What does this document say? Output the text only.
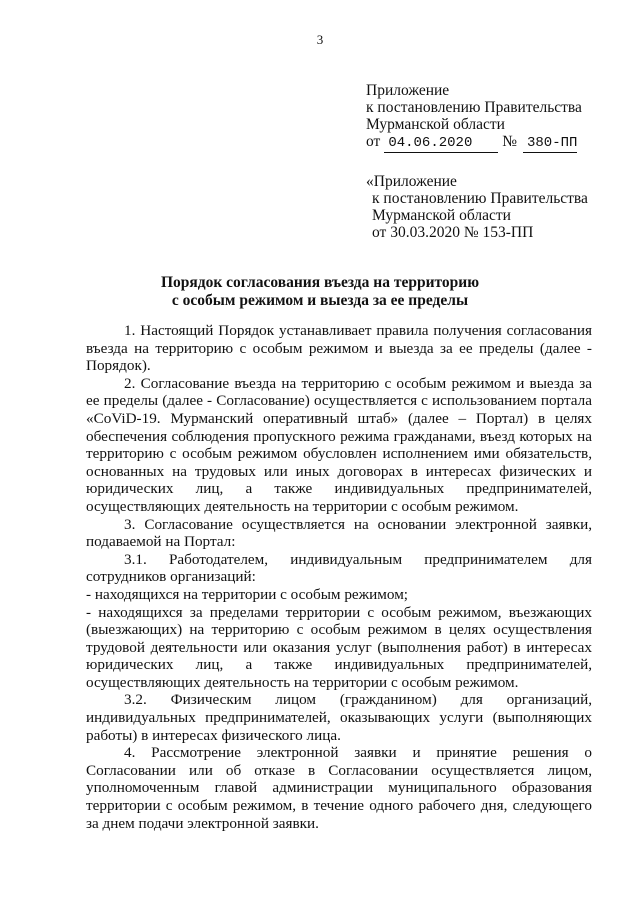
3
Приложение
к постановлению Правительства
Мурманской области
от 04.06.2020 № 380-ПП
«Приложение
к постановлению Правительства
Мурманской области
от 30.03.2020 № 153-ПП
Порядок согласования въезда на территорию
с особым режимом и выезда за ее пределы

1. Настоящий Порядок устанавливает правила получения согласования въезда на территорию с особым режимом и выезда за ее пределы (далее - Порядок).

2. Согласование въезда на территорию с особым режимом и выезда за ее пределы (далее - Согласование) осуществляется с использованием портала «CoViD-19. Мурманский оперативный штаб» (далее – Портал) в целях обеспечения соблюдения пропускного режима гражданами, въезд которых на территорию с особым режимом обусловлен исполнением ими обязательств, основанных на трудовых или иных договорах в интересах физических и юридических лиц, а также индивидуальных предпринимателей, осуществляющих деятельность на территории с особым режимом.

3. Согласование осуществляется на основании электронной заявки, подаваемой на Портал:

3.1. Работодателем, индивидуальным предпринимателем для сотрудников организаций:

- находящихся на территории с особым режимом;

- находящихся за пределами территории с особым режимом, въезжающих (выезжающих) на территорию с особым режимом в целях осуществления трудовой деятельности или оказания услуг (выполнения работ) в интересах юридических лиц, а также индивидуальных предпринимателей, осуществляющих деятельность на территории с особым режимом.

3.2. Физическим лицом (гражданином) для организаций, индивидуальных предпринимателей, оказывающих услуги (выполняющих работы) в интересах физического лица.

4. Рассмотрение электронной заявки и принятие решения о Согласовании или об отказе в Согласовании осуществляется лицом, уполномоченным главой администрации муниципального образования территории с особым режимом, в течение одного рабочего дня, следующего за днем подачи электронной заявки.
